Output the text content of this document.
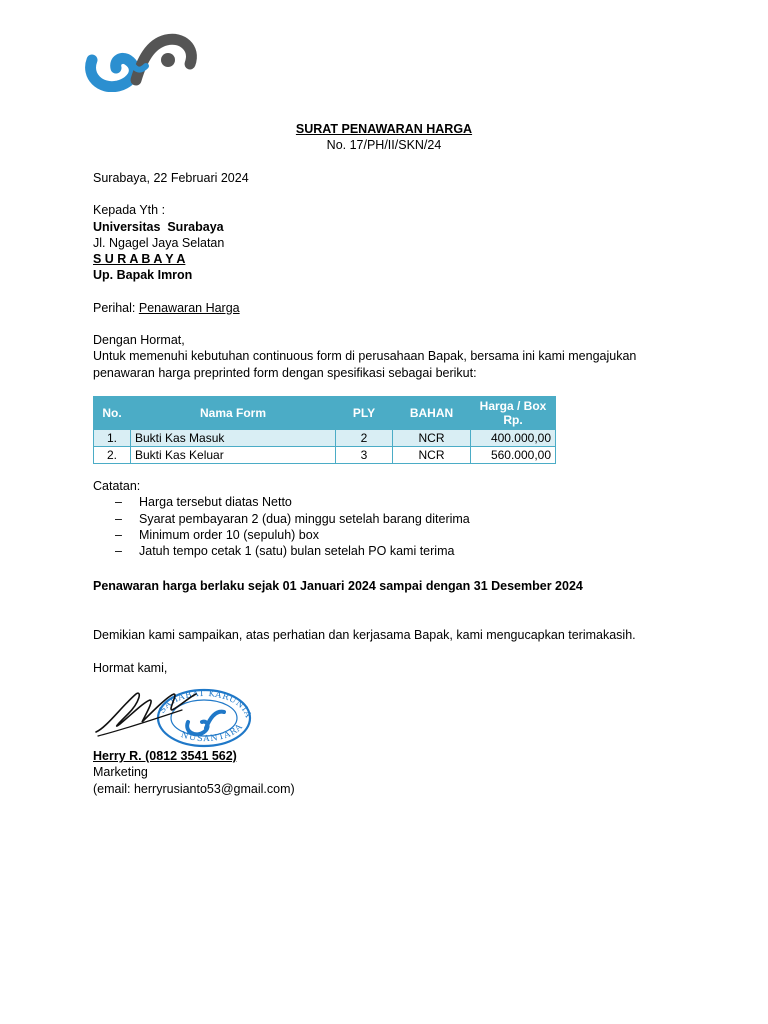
SURAT PENAWARAN HARGA
No. 17/PH/II/SKN/24
Surabaya, 22 Februari 2024
Kepada Yth :
Universitas  Surabaya
Jl. Ngagel Jaya Selatan
S U R A B A Y A
Up. Bapak Imron
Perihal: Penawaran Harga
Dengan Hormat,
Untuk memenuhi kebutuhan continuous form di perusahaan Bapak, bersama ini kami mengajukan penawaran harga preprinted form dengan spesifikasi sebagai berikut:
No.	Nama Form	PLY	BAHAN	Harga / Box
Rp.

1.	Bukti Kas Masuk	2	NCR	400.000,00
2.	Bukti Kas Keluar	3	NCR	560.000,00
Catatan:
– Harga tersebut diatas Netto
– Syarat pembayaran 2 (dua) minggu setelah barang diterima
– Minimum order 10 (sepuluh) box
– Jatuh tempo cetak 1 (satu) bulan setelah PO kami terima
Penawaran harga berlaku sejak 01 Januari 2024 sampai dengan 31 Desember 2024
Demikian kami sampaikan, atas perhatian dan kerjasama Bapak, kami mengucapkan terimakasih.
Hormat kami,
SAHABAT KARUNIA
NUSANTARA
Herry R. (0812 3541 562)
Marketing
(email: herryrusianto53@gmail.com)
